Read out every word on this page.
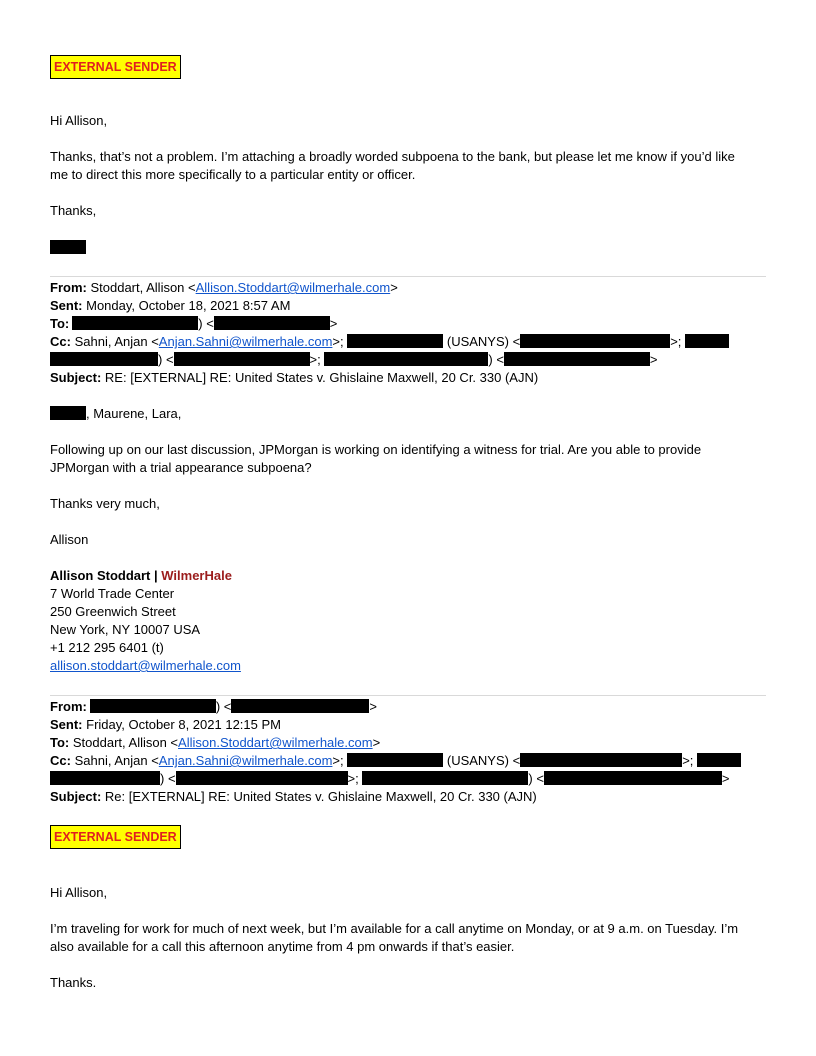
EXTERNAL SENDER
Hi Allison,
Thanks, that’s not a problem. I’m attaching a broadly worded subpoena to the bank, but please let me know if you’d like
me to direct this more specifically to a particular entity or officer.
Thanks,
From: Stoddart, Allison <Allison.Stoddart@wilmerhale.com>
Sent: Monday, October 18, 2021 8:57 AM
To:	) <	>
Cc: Sahni, Anjan <Anjan.Sahni@wilmerhale.com>;	(USANYS) <	>;
) <	>;	) <	>
Subject: RE: [EXTERNAL] RE: United States v. Ghislaine Maxwell, 20 Cr. 330 (AJN)
, Maurene, Lara,
Following up on our last discussion, JPMorgan is working on identifying a witness for trial. Are you able to provide
JPMorgan with a trial appearance subpoena?
Thanks very much,
Allison
Allison Stoddart | WilmerHale
7 World Trade Center
250 Greenwich Street
New York, NY 10007 USA
+1 212 295 6401 (t)
allison.stoddart@wilmerhale.com
From:	) <	>
Sent: Friday, October 8, 2021 12:15 PM
To: Stoddart, Allison <Allison.Stoddart@wilmerhale.com>
Cc: Sahni, Anjan <Anjan.Sahni@wilmerhale.com>;	(USANYS) <	>;
) <	>;	) <	>
Subject: Re: [EXTERNAL] RE: United States v. Ghislaine Maxwell, 20 Cr. 330 (AJN)
EXTERNAL SENDER
Hi Allison,
I’m traveling for work for much of next week, but I’m available for a call anytime on Monday, or at 9 a.m. on Tuesday. I’m
also available for a call this afternoon anytime from 4 pm onwards if that’s easier.
Thanks.
